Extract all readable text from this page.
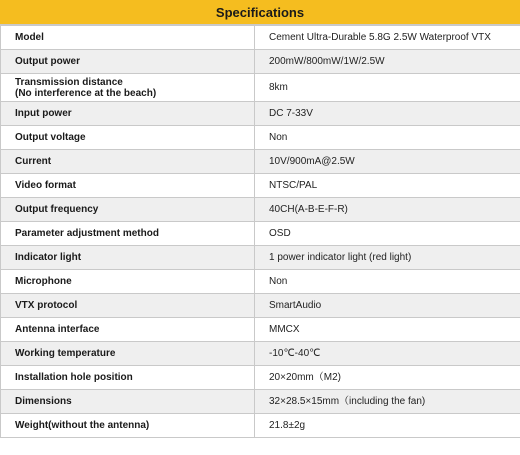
Specifications
Model	Cement Ultra-Durable 5.8G 2.5W Waterproof VTX
Output power	200mW/800mW/1W/2.5W

Transmission distance
(No interference at the beach)	8km
Input power	DC 7-33V
Output voltage	Non
Current	10V/900mA@2.5W
Video format	NTSC/PAL
Output frequency	40CH(A-B-E-F-R)
Parameter adjustment method	OSD
Indicator light	1 power indicator light (red light)
Microphone	Non
VTX protocol	SmartAudio
Antenna interface	MMCX
Working temperature	-10℃-40℃
Installation hole position	20×20mm（M2)
Dimensions	32×28.5×15mm（including the fan)
Weight(without the antenna)	21.8±2g
